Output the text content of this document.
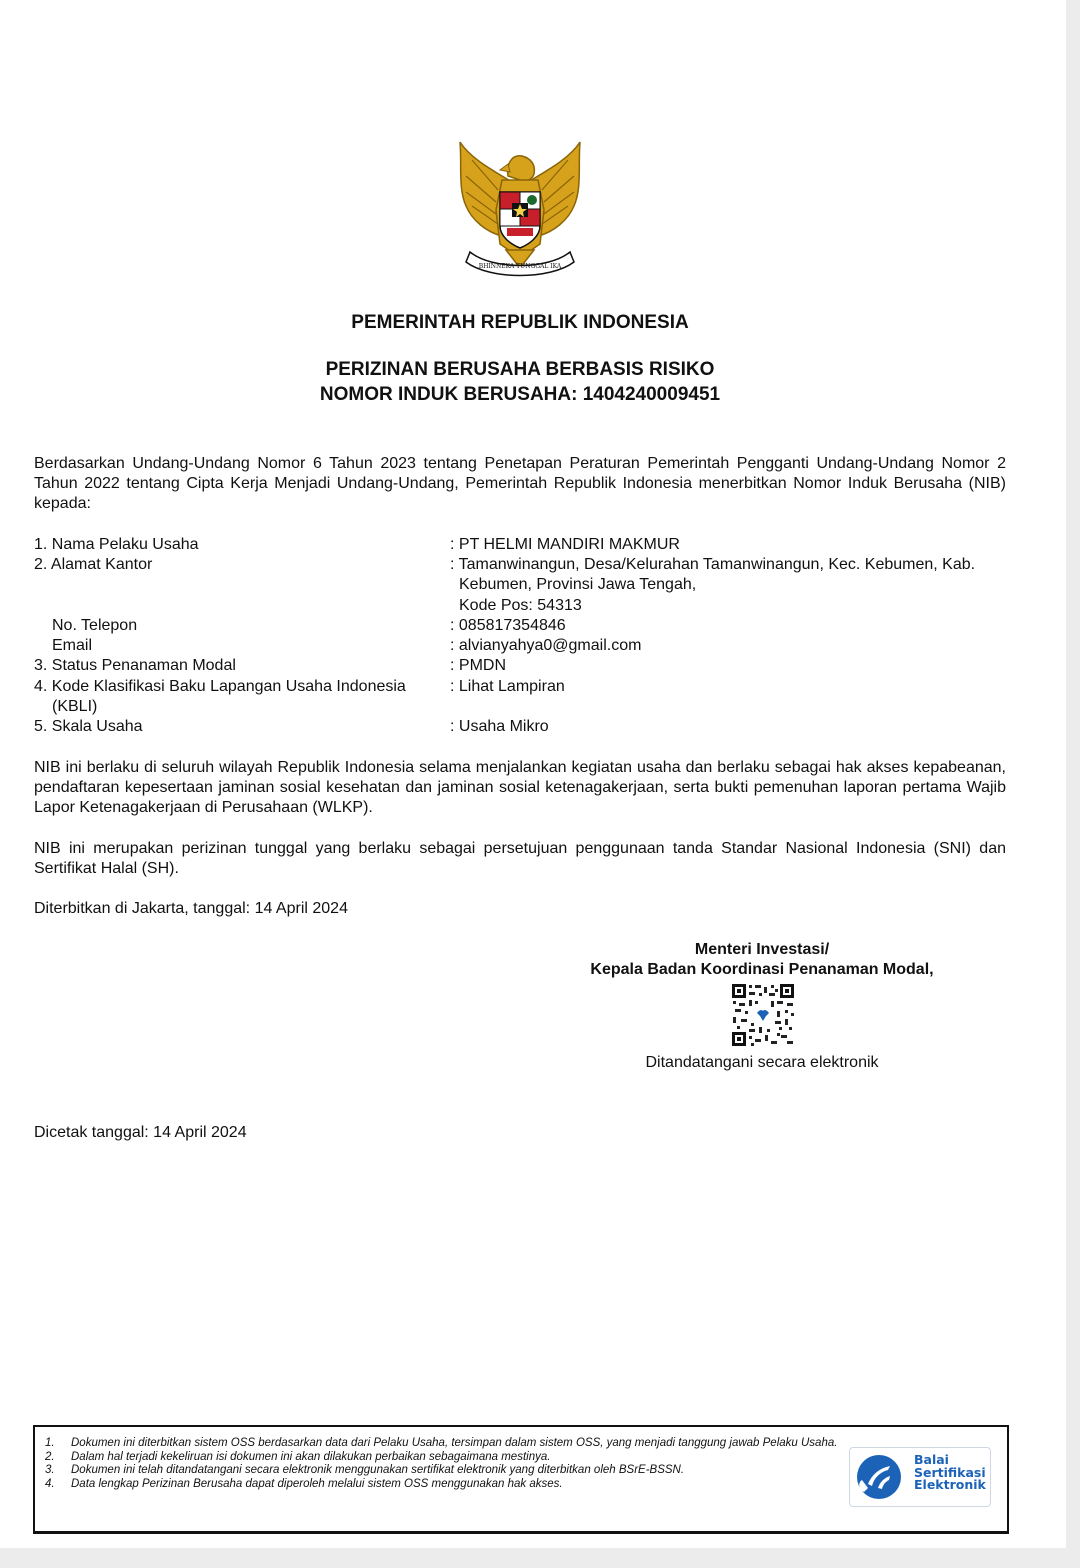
BHINNEKA TUNGGAL IKA
PEMERINTAH REPUBLIK INDONESIA
PERIZINAN BERUSAHA BERBASIS RISIKO
NOMOR INDUK BERUSAHA: 1404240009451
Berdasarkan Undang-Undang Nomor 6 Tahun 2023 tentang Penetapan Peraturan Pemerintah Pengganti Undang-Undang Nomor 2 Tahun 2022 tentang Cipta Kerja Menjadi Undang-Undang, Pemerintah Republik Indonesia menerbitkan Nomor Induk Berusaha (NIB) kepada:
1. Nama Pelaku Usaha	: PT HELMI MANDIRI MAKMUR
2. Alamat Kantor	: Tamanwinangun, Desa/Kelurahan Tamanwinangun, Kec. Kebumen, Kab.
Kebumen, Provinsi Jawa Tengah,
Kode Pos: 54313
No. Telepon	: 085817354846
Email	: alvianyahya0@gmail.com
3. Status Penanaman Modal	: PMDN
4. Kode Klasifikasi Baku Lapangan Usaha Indonesia
(KBLI)
: Lihat Lampiran
5. Skala Usaha	: Usaha Mikro
NIB ini berlaku di seluruh wilayah Republik Indonesia selama menjalankan kegiatan usaha dan berlaku sebagai hak akses kepabeanan, pendaftaran kepesertaan jaminan sosial kesehatan dan jaminan sosial ketenagakerjaan, serta bukti pemenuhan laporan pertama Wajib Lapor Ketenagakerjaan di Perusahaan (WLKP).
NIB ini merupakan perizinan tunggal yang berlaku sebagai persetujuan penggunaan tanda Standar Nasional Indonesia (SNI) dan Sertifikat Halal (SH).
Diterbitkan di Jakarta, tanggal: 14 April 2024
Menteri Investasi/
Kepala Badan Koordinasi Penanaman Modal,
Ditandatangani secara elektronik
Dicetak tanggal: 14 April 2024
1.	Dokumen ini diterbitkan sistem OSS berdasarkan data dari Pelaku Usaha, tersimpan dalam sistem OSS, yang menjadi tanggung jawab Pelaku Usaha.
2.	Dalam hal terjadi kekeliruan isi dokumen ini akan dilakukan perbaikan sebagaimana mestinya.
3.	Dokumen ini telah ditandatangani secara elektronik menggunakan sertifikat elektronik yang diterbitkan oleh BSrE-BSSN.
4.	Data lengkap Perizinan Berusaha dapat diperoleh melalui sistem OSS menggunakan hak akses.
Balai
Sertifikasi
Elektronik
